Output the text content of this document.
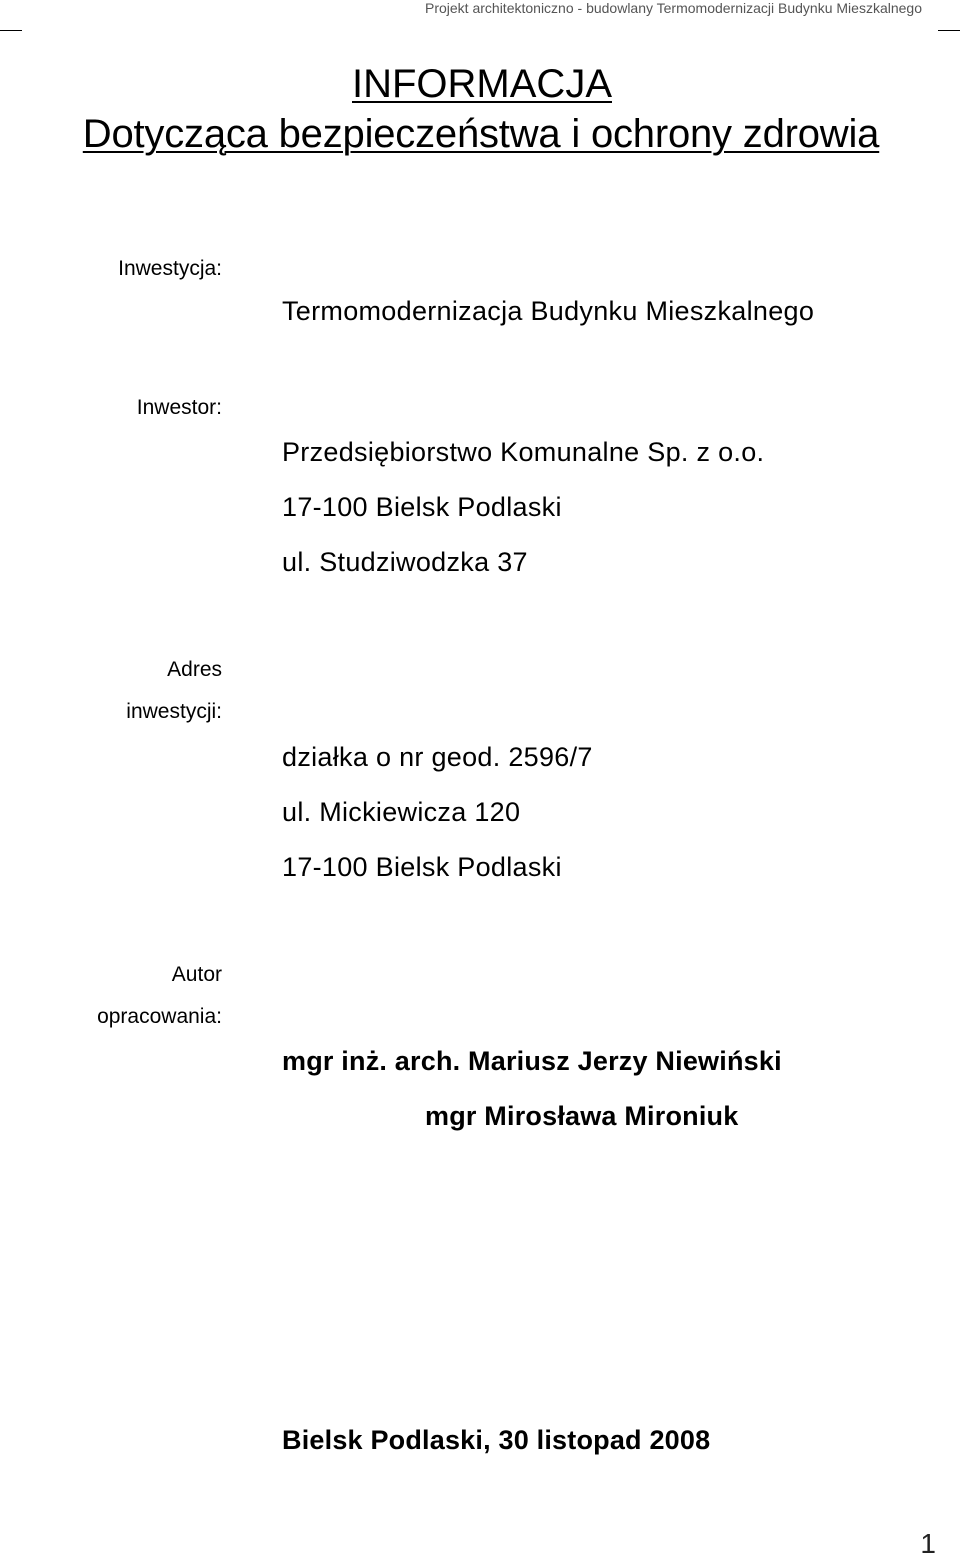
Projekt architektoniczno - budowlany Termomodernizacji Budynku Mieszkalnego
INFORMACJA
Dotycząca bezpieczeństwa i ochrony zdrowia
Inwestycja:
Termomodernizacja Budynku Mieszkalnego
Inwestor:
Przedsiębiorstwo Komunalne Sp. z o.o.
17-100 Bielsk Podlaski
ul. Studziwodzka 37
Adres
inwestycji:
działka o nr geod. 2596/7
ul. Mickiewicza 120
17-100 Bielsk Podlaski
Autor
opracowania:
mgr inż. arch. Mariusz Jerzy Niewiński
mgr Mirosława Mironiuk
Bielsk Podlaski, 30 listopad 2008
1
